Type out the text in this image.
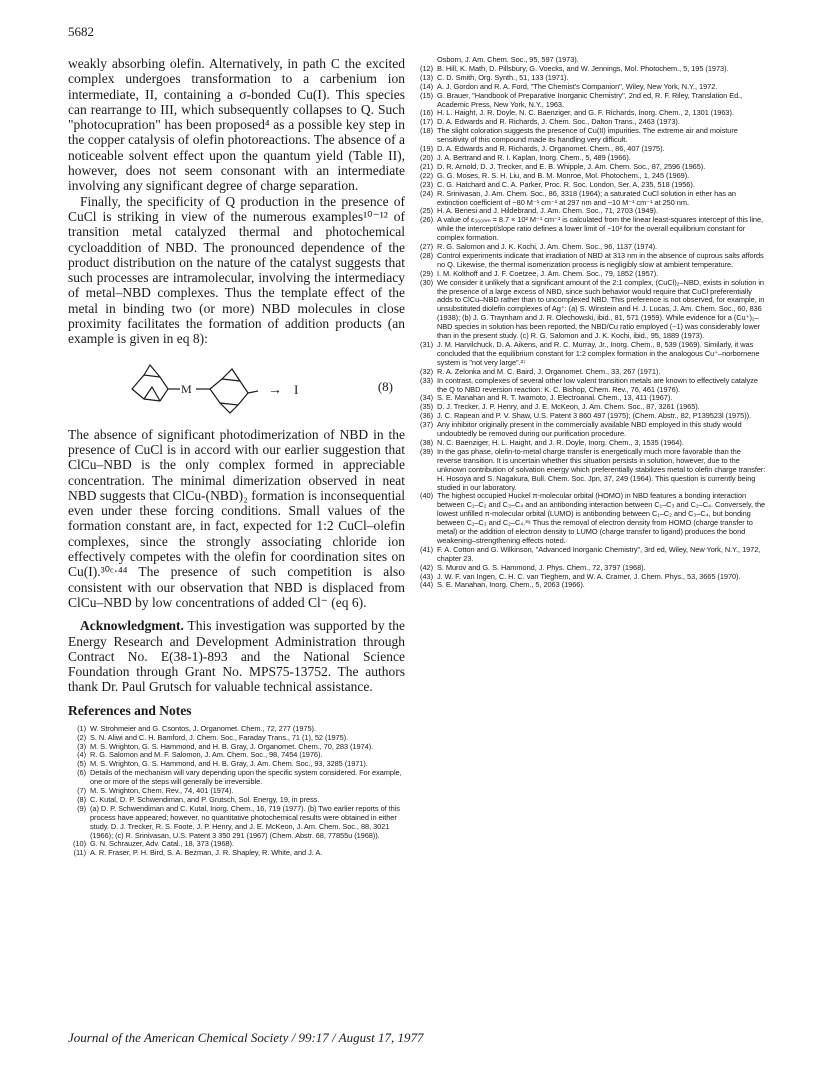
5682

weakly absorbing olefin. Alternatively, in path C the excited complex undergoes transformation to a carbenium ion intermediate, II, containing a σ-bonded Cu(I). This species can rearrange to III, which subsequently collapses to Q. Such "photocupration" has been proposed⁴ as a possible key step in the copper catalysis of olefin photoreactions. The absence of a noticeable solvent effect upon the quantum yield (Table II), however, does not seem consonant with an intermediate involving any significant degree of charge separation.

Finally, the specificity of Q production in the presence of CuCl is striking in view of the numerous examples¹⁰⁻¹² of transition metal catalyzed thermal and photochemical cycloaddition of NBD. The pronounced dependence of the product distribution on the nature of the catalyst suggests that such processes are intramolecular, involving the intermediacy of metal–NBD complexes. Thus the template effect of the metal in binding two (or more) NBD molecules in close proximity facilitates the formation of addition products (an example is given in eq 8):

M	→ I	(8)

The absence of significant photodimerization of NBD in the presence of CuCl is in accord with our earlier suggestion that ClCu–NBD is the only complex formed in appreciable concentration. The minimal dimerization observed in neat NBD suggests that ClCu-(NBD)₂ formation is inconsequential even under these forcing conditions. Small values of the formation constant are, in fact, expected for 1:2 CuCl–olefin complexes, since the strongly associating chloride ion effectively competes with the olefin for coordination sites on Cu(I).³⁰ᶜ·⁴⁴ The presence of such competition is also consistent with our observation that NBD is displaced from ClCu–NBD by low concentrations of added Cl⁻ (eq 6).

Acknowledgment. This investigation was supported by the Energy Research and Development Administration through Contract No. E(38-1)-893 and the National Science Foundation through Grant No. MPS75-13752. The authors thank Dr. Paul Grutsch for valuable technical assistance.

References and Notes
(1) W. Strohmeier and G. Csontos, J. Organomet. Chem., 72, 277 (1975).
(2) S. N. Aliwi and C. H. Bamford, J. Chem. Soc., Faraday Trans., 71 (1), 52 (1975).
(3) M. S. Wrighton, G. S. Hammond, and H. B. Gray, J. Organomet. Chem., 70, 283 (1974).
(4) R. G. Salomon and M. F. Salomon, J. Am. Chem. Soc., 98, 7454 (1976).
(5) M. S. Wrighton, G. S. Hammond, and H. B. Gray, J. Am. Chem. Soc., 93, 3285 (1971).
(6) Details of the mechanism will vary depending upon the specific system considered. For example, one or more of the steps will generally be irreversible.
(7) M. S. Wrighton, Chem. Rev., 74, 401 (1974).
(8) C. Kutal, D. P. Schwendiman, and P. Grutsch, Sol. Energy, 19, in press.
(9) (a) D. P. Schwendiman and C. Kutal, Inorg. Chem., 16, 719 (1977). (b) Two earlier reports of this process have appeared; however, no quantitative photochemical results were obtained in either study. D. J. Trecker, R. S. Foote, J. P. Henry, and J. E. McKeon, J. Am. Chem. Soc., 88, 3021 (1966); (c) R. Srinivasan, U.S. Patent 3 350 291 (1967) (Chem. Abstr. 68, 77855u (1968)).
(10) G. N. Schrauzer, Adv. Catal., 18, 373 (1968).
(11) A. R. Fraser, P. H. Bird, S. A. Bezman, J. R. Shapley, R. White, and J. A.
Osborn, J. Am. Chem. Soc., 95, 597 (1973).
(12) B. Hill, K. Math, D. Pillsbury, G. Voecks, and W. Jennings, Mol. Photochem., 5, 195 (1973).
(13) C. D. Smith, Org. Synth., 51, 133 (1971).
(14) A. J. Gordon and R. A. Ford, "The Chemist's Companion", Wiley, New York, N.Y., 1972.
(15) G. Brauer, "Handbook of Preparative Inorganic Chemistry", 2nd ed, R. F. Riley, Translation Ed., Academic Press, New York, N.Y., 1963.
(16) H. L. Haight, J. R. Doyle, N. C. Baenziger, and G. F. Richards, Inorg. Chem., 2, 1301 (1963).
(17) D. A. Edwards and R. Richards, J. Chem. Soc., Dalton Trans., 2463 (1973).
(18) The slight coloration suggests the presence of Cu(II) impurities. The extreme air and moisture sensitivity of this compound made its handling very difficult.
(19) D. A. Edwards and R. Richards, J. Organomet. Chem., 86, 407 (1975).
(20) J. A. Bertrand and R. I. Kaplan, Inorg. Chem., 5, 489 (1966).
(21) D. R. Arnold, D. J. Trecker, and E. B. Whipple, J. Am. Chem. Soc., 87, 2596 (1965).
(22) G. G. Moses, R. S. H. Liu, and B. M. Monroe, Mol. Photochem., 1, 245 (1969).
(23) C. G. Hatchard and C. A. Parker, Proc. R. Soc. London, Ser. A, 235, 518 (1956).
(24) R. Srinivasan, J. Am. Chem. Soc., 86, 3318 (1964); a saturated CuCl solution in ether has an extinction coefficient of ~80 M⁻¹ cm⁻¹ at 297 nm and ~10 M⁻¹ cm⁻¹ at 250 nm.
(25) H. A. Benesi and J. Hildebrand, J. Am. Chem. Soc., 71, 2703 (1949).
(26) A value of ε₃₀₀ₙₘ = 8.7 × 10² M⁻¹ cm⁻¹ is calculated from the linear least-squares intercept of this line, while the intercept/slope ratio defines a lower limit of ~10² for the overall equilibrium constant for complex formation.
(27) R. G. Salomon and J. K. Kochi, J. Am. Chem. Soc., 96, 1137 (1974).
(28) Control experiments indicate that irradiation of NBD at 313 nm in the absence of cuprous salts affords no Q. Likewise, the thermal isomerization process is negligibly slow at ambient temperature.
(29) I. M. Kolthoff and J. F. Coetzee, J. Am. Chem. Soc., 79, 1852 (1957).
(30) We consider it unlikely that a significant amount of the 2:1 complex, (CuCl)₂–NBD, exists in solution in the presence of a large excess of NBD, since such behavior would require that CuCl preferentially adds to ClCu–NBD rather than to uncomplexed NBD. This preference is not observed, for example, in unsubstituted diolefin complexes of Ag⁺: (a) S. Winstein and H. J. Lucas, J. Am. Chem. Soc., 60, 836 (1938); (b) J. G. Traynham and J. R. Olechowski, ibid., 81, 571 (1959). While evidence for a (Cu⁺)₂–NBD species in solution has been reported, the NBD/Cu ratio employed (~1) was considerably lower than in the present study. (c) R. G. Salomon and J. K. Kochi, ibid., 95, 1889 (1973).
(31) J. M. Harvilchuck, D. A. Aikens, and R. C. Murray, Jr., Inorg. Chem., 8, 539 (1969). Similarly, it was concluded that the equilibrium constant for 1:2 complex formation in the analogous Cu⁺–norbornene system is "not very large".²⁷
(32) R. A. Zelonka and M. C. Baird, J. Organomet. Chem., 33, 267 (1971).
(33) In contrast, complexes of several other low valent transition metals are known to effectively catalyze the Q to NBD reversion reaction: K. C. Bishop, Chem. Rev., 76, 461 (1976).
(34) S. E. Manahan and R. T. Iwamoto, J. Electroanal. Chem., 13, 411 (1967).
(35) D. J. Trecker, J. P. Henry, and J. E. McKeon, J. Am. Chem. Soc., 87, 3261 (1965).
(36) J. C. Rapean and P. V. Shaw, U.S. Patent 3 860 497 (1975); (Chem. Abstr., 82, P139523l (1975)).
(37) Any inhibitor originally present in the commercially available NBD employed in this study would undoubtedly be removed during our purification procedure.
(38) N. C. Baenziger, H. L. Haight, and J. R. Doyle, Inorg. Chem., 3, 1535 (1964).
(39) In the gas phase, olefin-to-metal charge transfer is energetically much more favorable than the reverse transition. It is uncertain whether this situation persists in solution, however, due to the unknown contribution of solvation energy which preferentially stabilizes metal to olefin charge transfer: H. Hosoya and S. Nagakura, Bull. Chem. Soc. Jpn, 37, 249 (1964). This question is currently being studied in our laboratory.
(40) The highest occupied Huckel π-molecular orbital (HOMO) in NBD features a bonding interaction between C₁–C₂ and C₃–C₄ and an antibonding interaction between C₁–C₃ and C₂–C₄. Conversely, the lowest unfilled π-molecular orbital (LUMO) is antibonding between C₁–C₂ and C₃–C₄, but bonding between C₁–C₃ and C₂–C₄.³⁹ Thus the removal of electron density from HOMO (charge transfer to metal) or the addition of electron density to LUMO (charge transfer to ligand) produces the bond weakening–strengthening effects noted.
(41) F. A. Cotton and G. Wilkinson, "Advanced Inorganic Chemistry", 3rd ed, Wiley, New York, N.Y., 1972, chapter 23.
(42) S. Murov and G. S. Hammond, J. Phys. Chem., 72, 3797 (1968).
(43) J. W. F. van Ingen, C. H. C. van Tieghem, and W. A. Cramer, J. Chem. Phys., 53, 3665 (1970).
(44) S. E. Manahan, Inorg. Chem., 5, 2063 (1966).
Journal of the American Chemical Society / 99:17 / August 17, 1977
